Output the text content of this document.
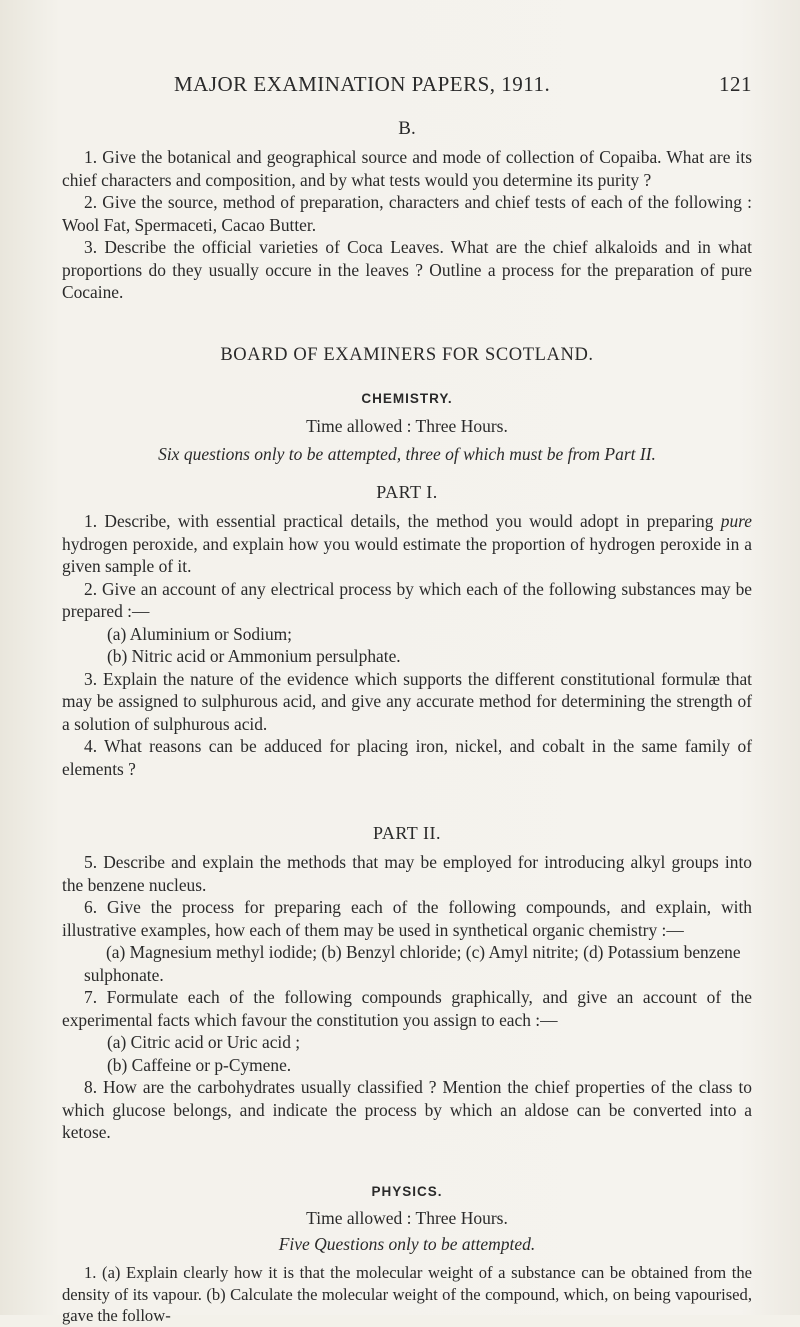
MAJOR EXAMINATION PAPERS, 1911.	121
B.

1. Give the botanical and geographical source and mode of collection of Copaiba. What are its chief characters and composition, and by what tests would you determine its purity ?

2. Give the source, method of preparation, characters and chief tests of each of the following : Wool Fat, Spermaceti, Cacao Butter.

3. Describe the official varieties of Coca Leaves. What are the chief alkaloids and in what proportions do they usually occure in the leaves ? Outline a process for the preparation of pure Cocaine.

BOARD OF EXAMINERS FOR SCOTLAND.
CHEMISTRY.
Time allowed : Three Hours.
Six questions only to be attempted, three of which must be from Part II.
PART I.

1. Describe, with essential practical details, the method you would adopt in preparing pure hydrogen peroxide, and explain how you would estimate the proportion of hydrogen peroxide in a given sample of it.

2. Give an account of any electrical process by which each of the following substances may be prepared :—

(a) Aluminium or Sodium;

(b) Nitric acid or Ammonium persulphate.

3. Explain the nature of the evidence which supports the different constitutional formulæ that may be assigned to sulphurous acid, and give any accurate method for determining the strength of a solution of sulphurous acid.

4. What reasons can be adduced for placing iron, nickel, and cobalt in the same family of elements ?

PART II.

5. Describe and explain the methods that may be employed for introducing alkyl groups into the benzene nucleus.

6. Give the process for preparing each of the following compounds, and explain, with illustrative examples, how each of them may be used in synthetical organic chemistry :—

(a) Magnesium methyl iodide; (b) Benzyl chloride; (c) Amyl nitrite; (d) Potassium benzene sulphonate.

7. Formulate each of the following compounds graphically, and give an account of the experimental facts which favour the constitution you assign to each :—

(a) Citric acid or Uric acid ;

(b) Caffeine or p-Cymene.

8. How are the carbohydrates usually classified ? Mention the chief properties of the class to which glucose belongs, and indicate the process by which an aldose can be converted into a ketose.

PHYSICS.
Time allowed : Three Hours.
Five Questions only to be attempted.

1. (a) Explain clearly how it is that the molecular weight of a substance can be obtained from the density of its vapour. (b) Calculate the molecular weight of the compound, which, on being vapourised, gave the follow-
